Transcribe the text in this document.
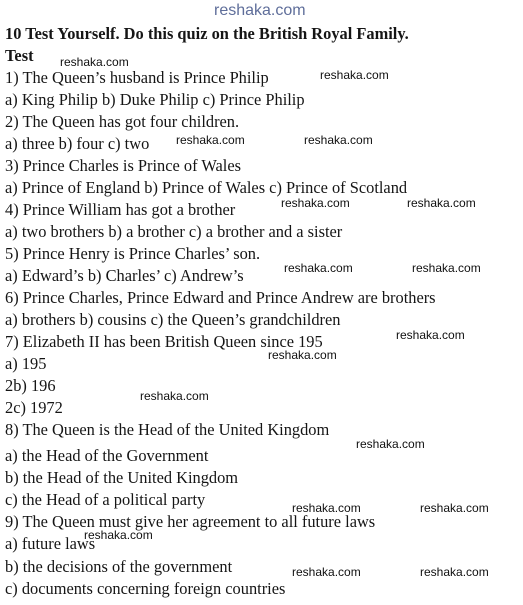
reshaka.com
10 Test Yourself. Do this quiz on the British Royal Family.
Test
1) The Queen’s husband is Prince Philip
a) King Philip b) Duke Philip c) Prince Philip
2) The Queen has got four children.
a) three b) four c) two
3) Prince Charles is Prince of Wales
a) Prince of England b) Prince of Wales c) Prince of Scotland
4) Prince William has got a brother
a) two brothers b) a brother c) a brother and a sister
5) Prince Henry is Prince Charles’ son.
a) Edward’s b) Charles’ c) Andrew’s
6) Prince Charles, Prince Edward and Prince Andrew are brothers
a) brothers b) cousins c) the Queen’s grandchildren
7) Elizabeth II has been British Queen since 195
a) 195
2b) 196
2c) 1972
8) The Queen is the Head of the United Kingdom
a) the Head of the Government
b) the Head of the United Kingdom
c) the Head of a political party
9) The Queen must give her agreement to all future laws
a) future laws
b) the decisions of the government
c) documents concerning foreign countries
reshaka.com
reshaka.com
reshaka.com	reshaka.com
reshaka.com	reshaka.com
reshaka.com	reshaka.com
reshaka.com
reshaka.com
reshaka.com
reshaka.com
reshaka.com	reshaka.com
reshaka.com
reshaka.com	reshaka.com
